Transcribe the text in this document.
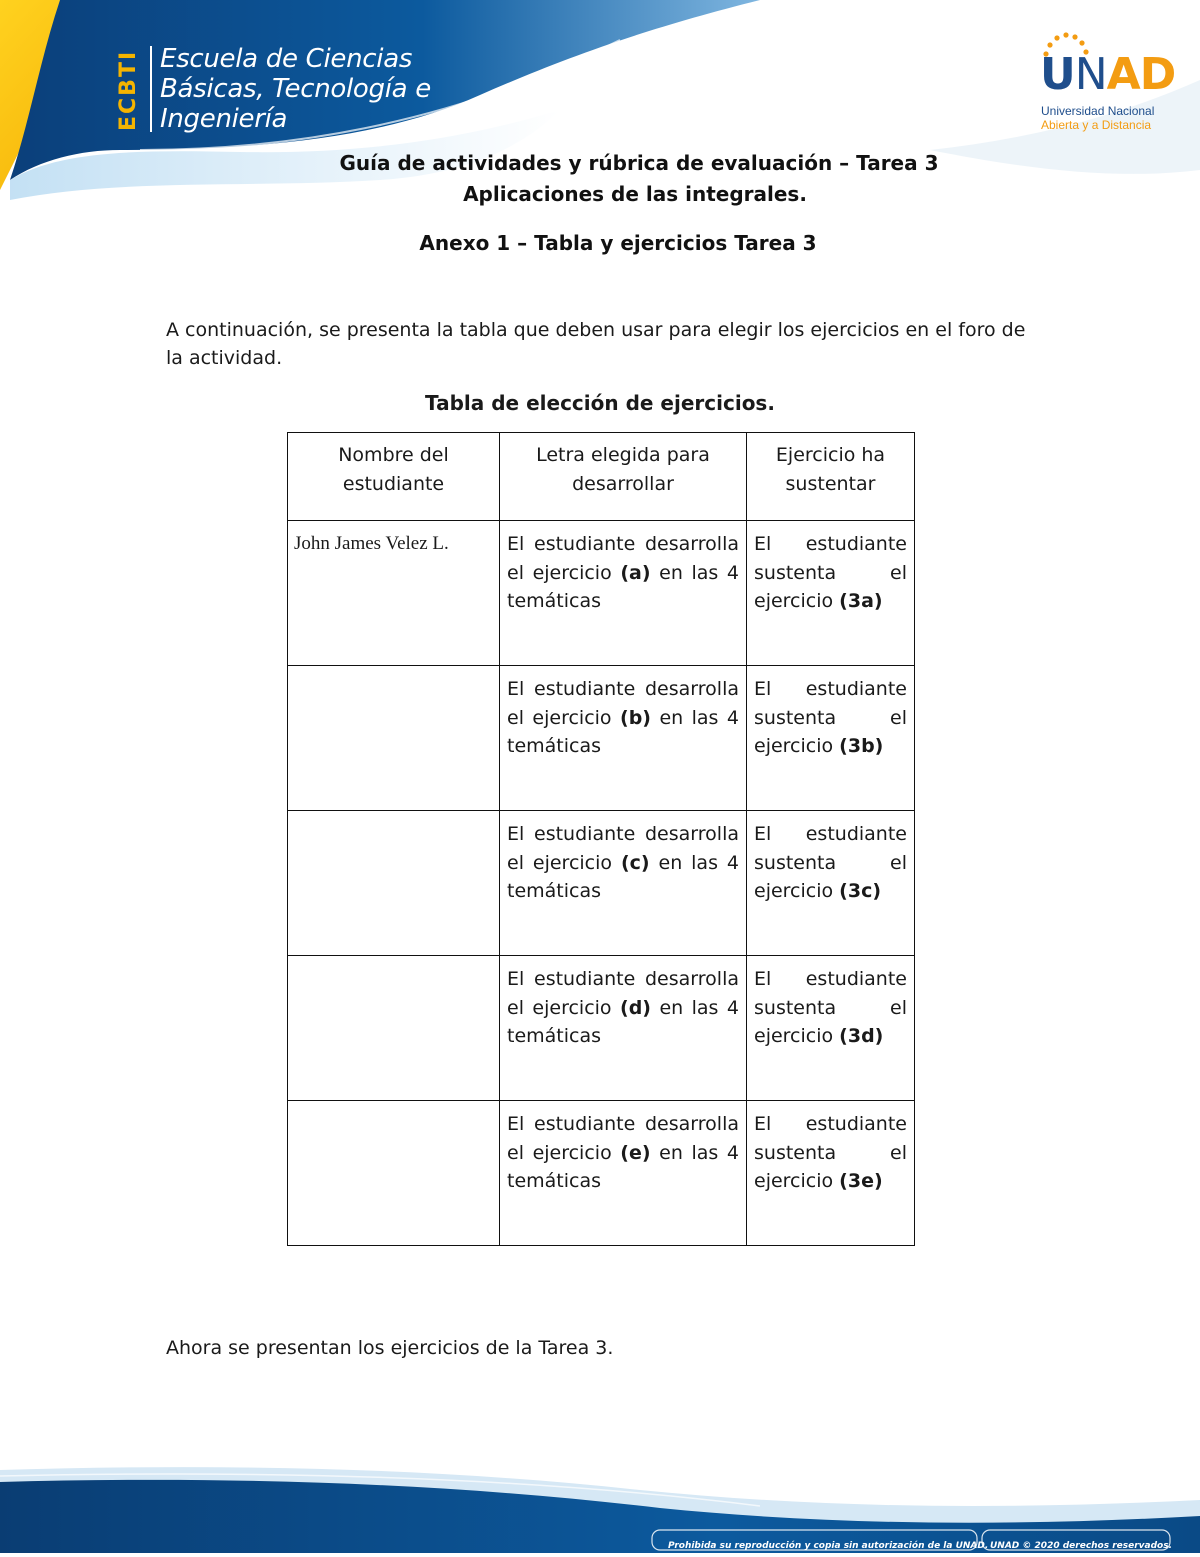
ECBTI Escuela de Ciencias
Básicas, Tecnología e
Ingeniería
UNAD
Universidad Nacional
Abierta y a Distancia
Guía de actividades y rúbrica de evaluación – Tarea 3
Aplicaciones de las integrales.
Anexo 1 – Tabla y ejercicios Tarea 3
A continuación, se presenta la tabla que deben usar para elegir los ejercicios en el foro de la actividad.
Tabla de elección de ejercicios.
Nombre del estudiante	Letra elegida para desarrollar	Ejercicio ha sustentar
John James Velez L.	El estudiante desarrolla el ejercicio (a) en las 4 temáticas	El estudiante sustenta el ejercicio (3a)
	El estudiante desarrolla el ejercicio (b) en las 4 temáticas	El estudiante sustenta el ejercicio (3b)
	El estudiante desarrolla el ejercicio (c) en las 4 temáticas	El estudiante sustenta el ejercicio (3c)
	El estudiante desarrolla el ejercicio (d) en las 4 temáticas	El estudiante sustenta el ejercicio (3d)
	El estudiante desarrolla el ejercicio (e) en las 4 temáticas	El estudiante sustenta el ejercicio (3e)
Ahora se presentan los ejercicios de la Tarea 3.
Prohibida su reproducción y copia sin autorización de la UNAD. UNAD © 2020 derechos reservados.
